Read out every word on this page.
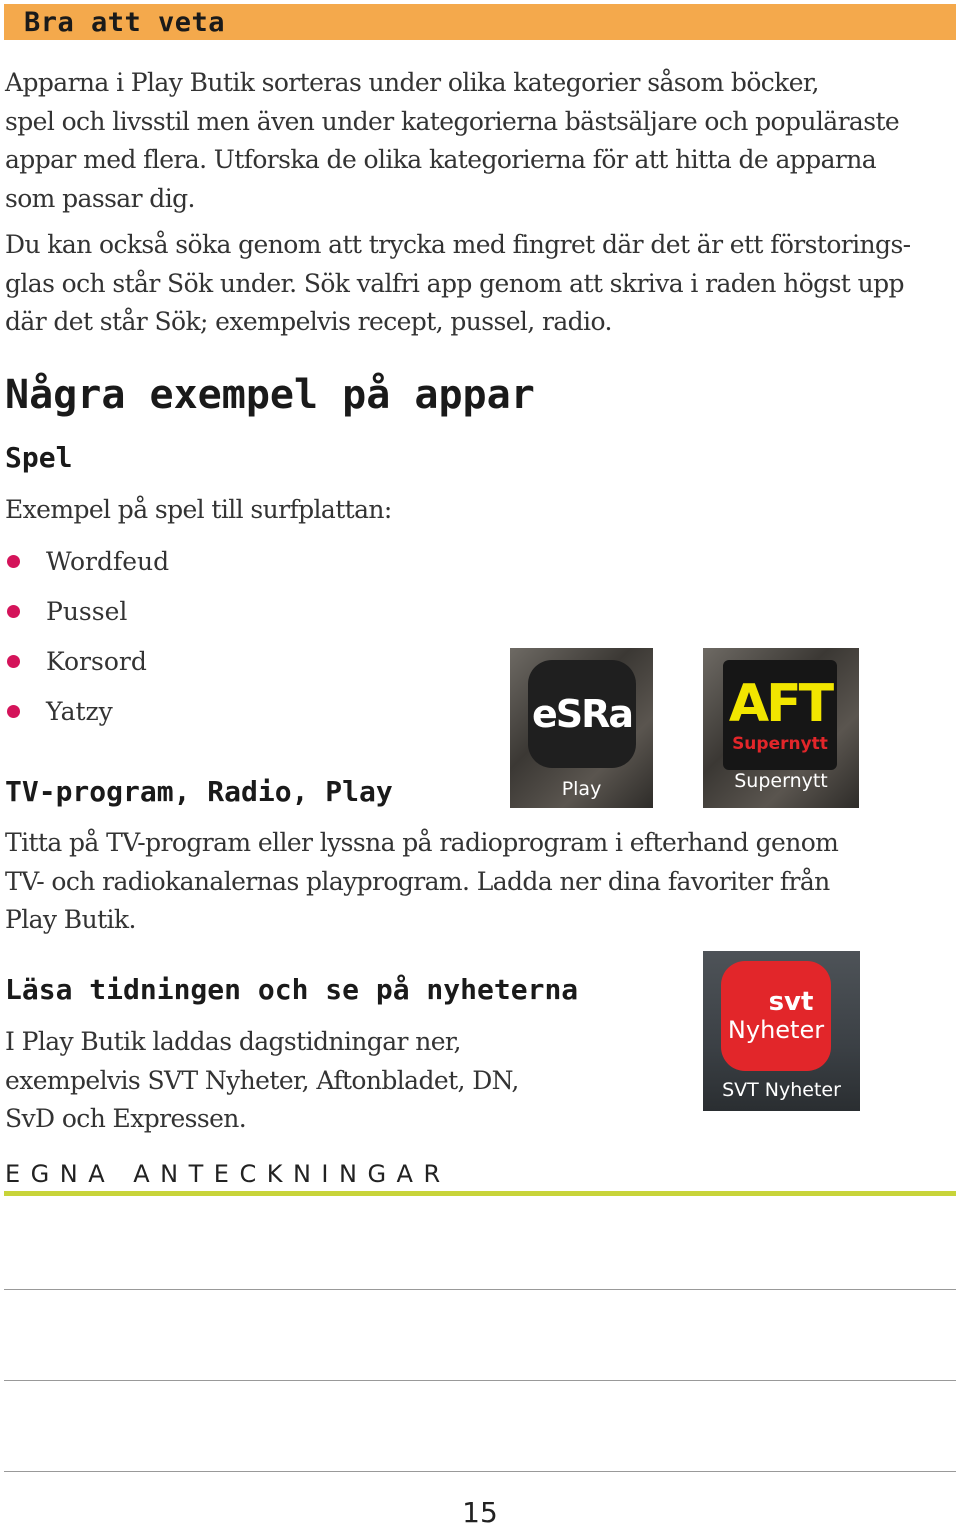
Bra att veta

Apparna i Play Butik sorteras under olika kategorier såsom böcker,
spel och livsstil men även under kategorierna bästsäljare och populäraste
appar med flera. Utforska de olika kategorierna för att hitta de apparna
som passar dig.

Du kan också söka genom att trycka med fingret där det är ett förstorings-
glas och står Sök under. Sök valfri app genom att skriva i raden högst upp
där det står Sök; exempelvis recept, pussel, radio.

Några exempel på appar
Spel

Exempel på spel till surfplattan:

Wordfeud
Pussel
Korsord
Yatzy	eSRa
Play
AFT
Supernytt
Supernytt
TV-program, Radio, Play

Titta på TV-program eller lyssna på radioprogram i efterhand genom
TV- och radiokanalernas playprogram. Ladda ner dina favoriter från
Play Butik.

svt
Nyheter
SVT Nyheter
Läsa tidningen och se på nyheterna

I Play Butik laddas dagstidningar ner,
exempelvis SVT Nyheter, Aftonbladet, DN,
SvD och Expressen.

EGNA ANTECKNINGAR
15
